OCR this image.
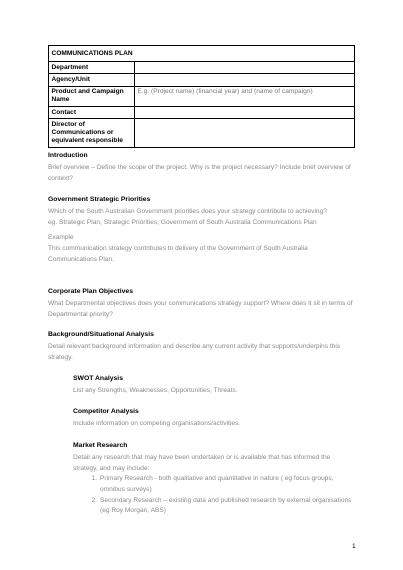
COMMUNICATIONS PLAN	
Department	
Agency/Unit	
Product and Campaign Name	E.g. (Project name) (financial year) and (name of campaign)
Contact	
Director of Communications or equivalent responsible	
Introduction
Brief overview – Define the scope of the project. Why is the project necessary? Include brief overview of context?
Government Strategic Priorities
Which of the South Australian Government priorities does your strategy contribute to achieving?
eg. Strategic Plan, Strategic Priorities, Government of South Australia Communications Plan
Example
This communication strategy contributes to delivery of the Government of South Australia Communications Plan.
Corporate Plan Objectives
What Departmental objectives does your communications strategy support? Where does it sit in terms of Departmental priority?
Background/Situational Analysis
Detail relevant background information and describe any current activity that supports/underpins this strategy.
SWOT Analysis
List any Strengths, Weaknesses, Opportunities, Threats.
Competitor Analysis
Include information on competing organisations/activities.
Market Research
Detail any research that may have been undertaken or is available that has informed the strategy, and may include:
1. Primary Research - both qualitative and quantitative in nature ( eg focus groups, omnibus surveys)
2. Secondary Research – existing data and published research by external organisations (eg Roy Morgan, ABS)
1
